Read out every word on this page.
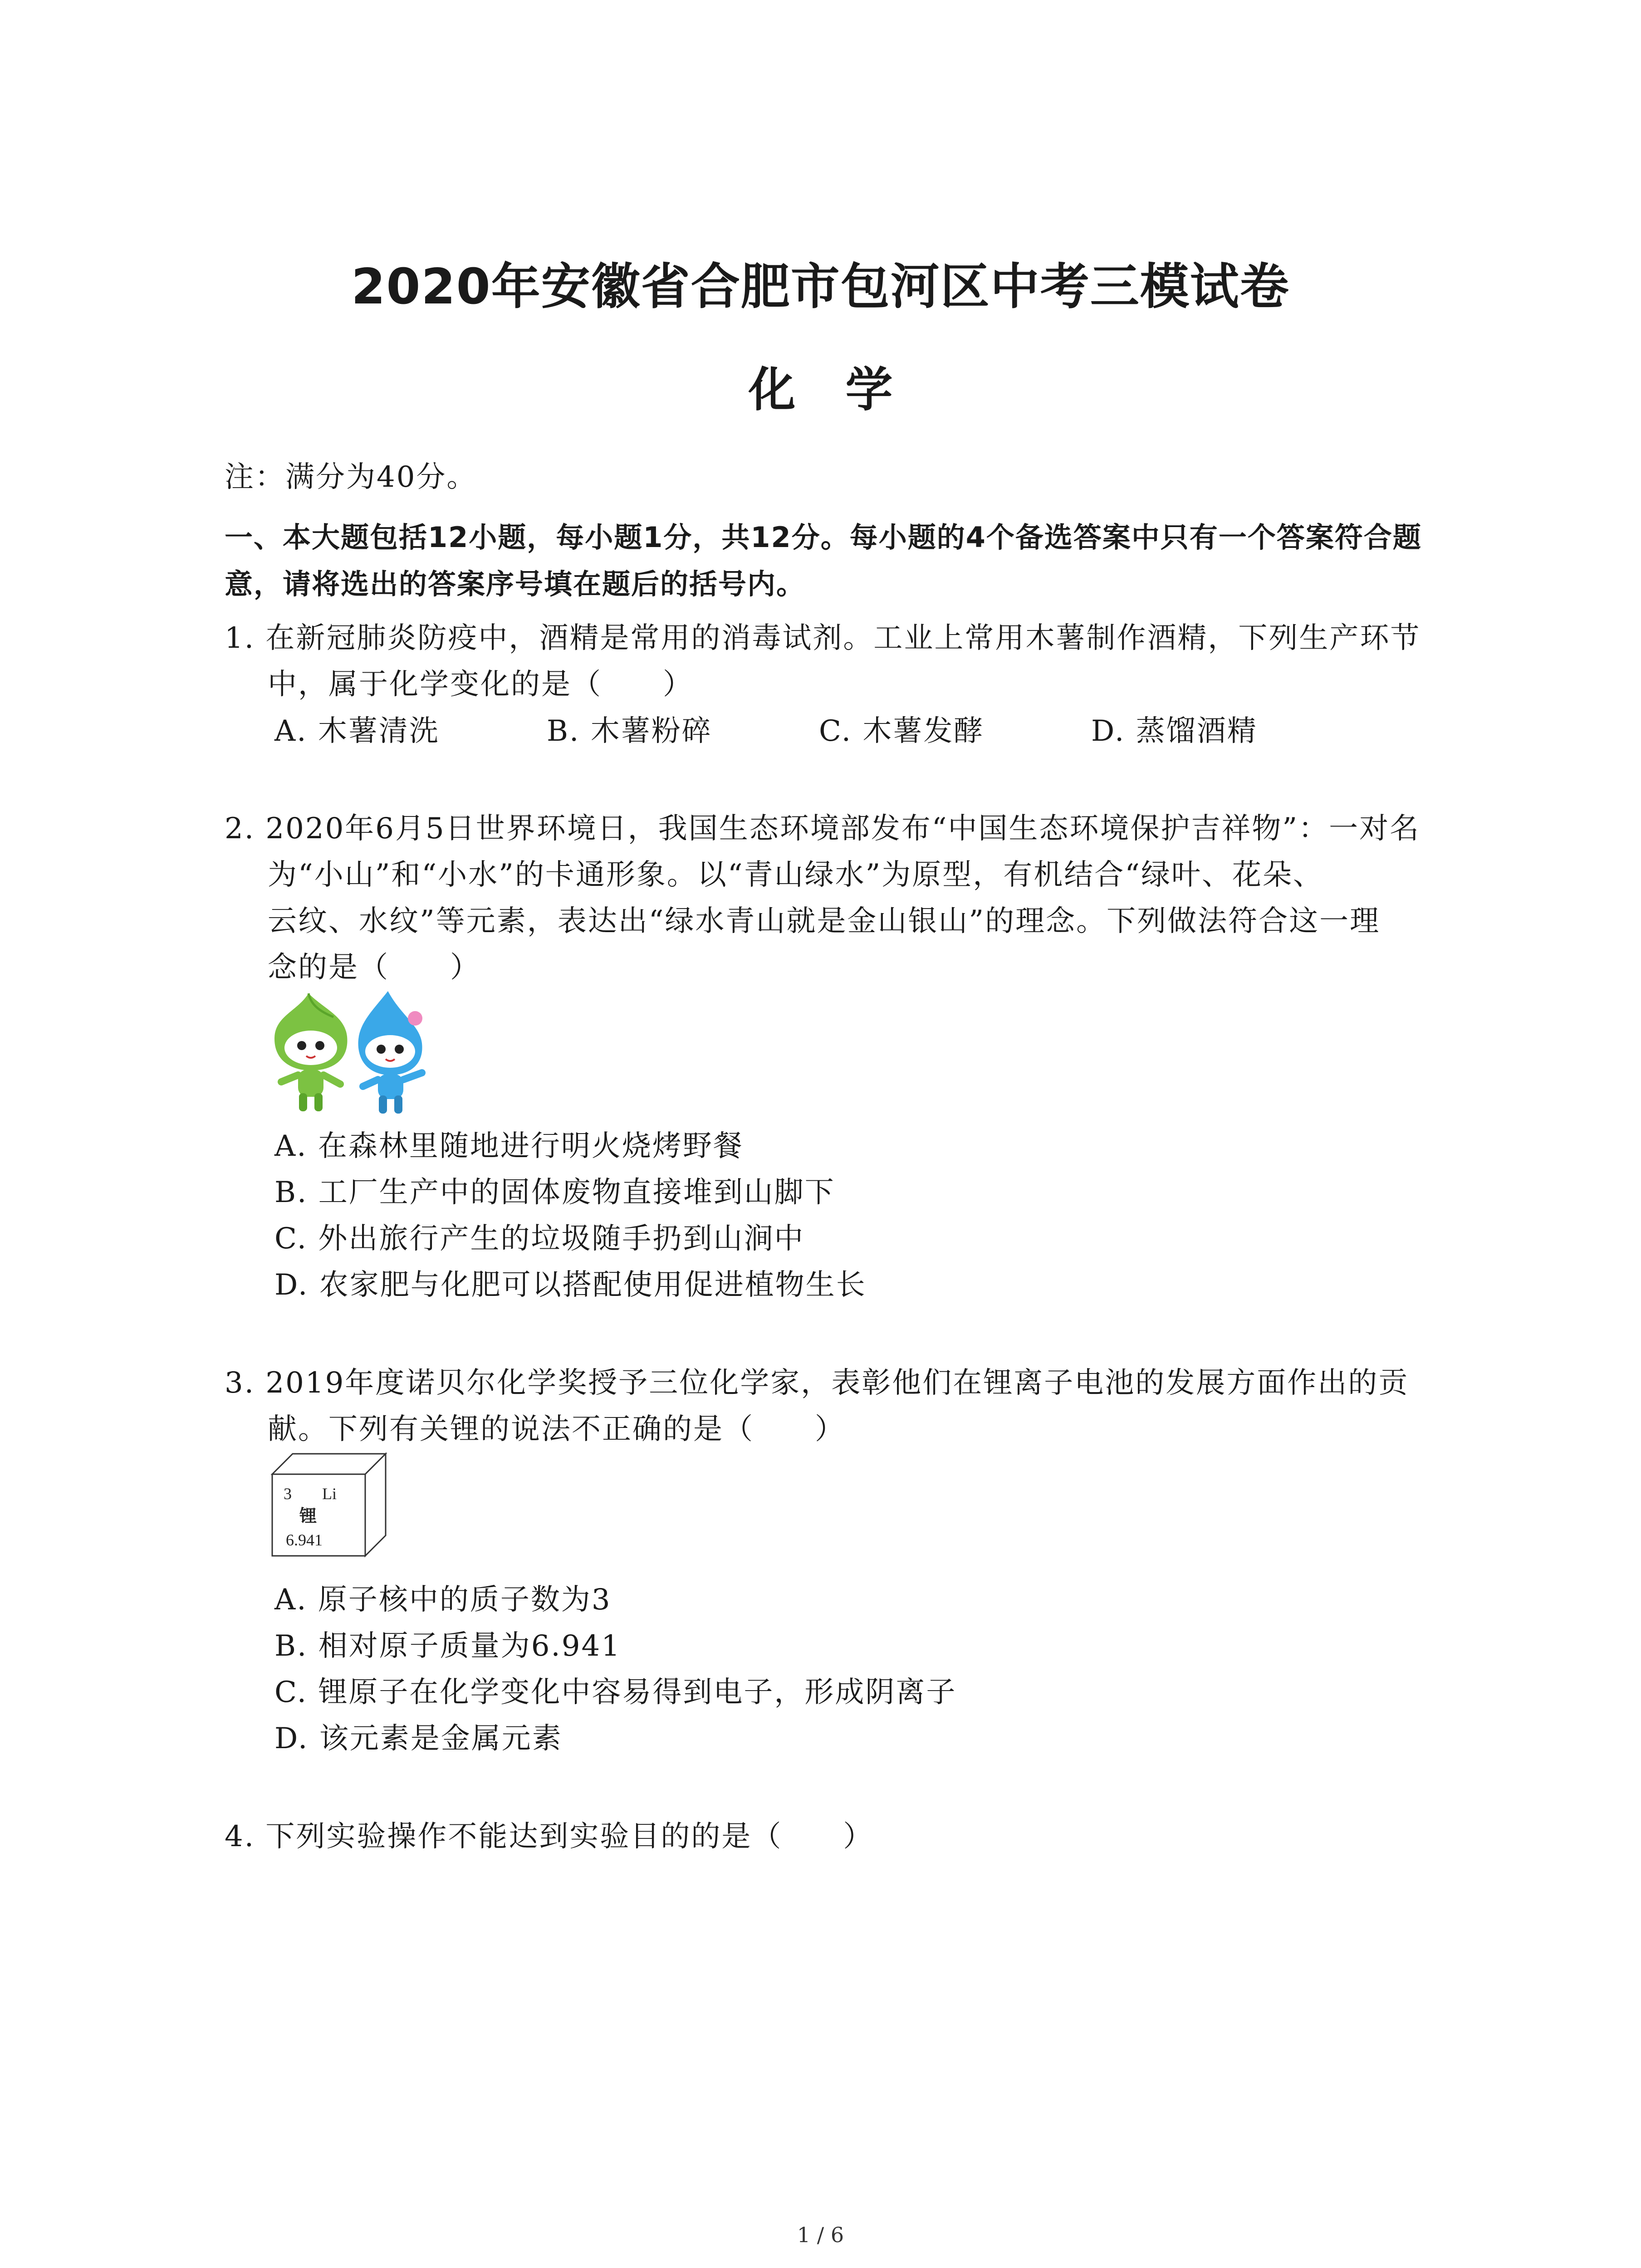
2020年安徽省合肥市包河区中考三模试卷
化学
注：满分为40分。
一、本大题包括12小题，每小题1分，共12分。每小题的4个备选答案中只有一个答案符合题
意，请将选出的答案序号填在题后的括号内。
1. 在新冠肺炎防疫中，酒精是常用的消毒试剂。工业上常用木薯制作酒精，下列生产环节
中，属于化学变化的是（　　）
A. 木薯清洗	B. 木薯粉碎	C. 木薯发酵	D. 蒸馏酒精
2. 2020年6月5日世界环境日，我国生态环境部发布“中国生态环境保护吉祥物”：一对名
为“小山”和“小水”的卡通形象。以“青山绿水”为原型，有机结合“绿叶、花朵、
云纹、水纹”等元素，表达出“绿水青山就是金山银山”的理念。下列做法符合这一理
念的是（　　）
A. 在森林里随地进行明火烧烤野餐
B. 工厂生产中的固体废物直接堆到山脚下
C. 外出旅行产生的垃圾随手扔到山涧中
D. 农家肥与化肥可以搭配使用促进植物生长
3. 2019年度诺贝尔化学奖授予三位化学家，表彰他们在锂离子电池的发展方面作出的贡
献。下列有关锂的说法不正确的是（　　）
3 Li
锂
6.941
A. 原子核中的质子数为3
B. 相对原子质量为6.941
C. 锂原子在化学变化中容易得到电子，形成阴离子
D. 该元素是金属元素
4. 下列实验操作不能达到实验目的的是（　　）
1 / 6
